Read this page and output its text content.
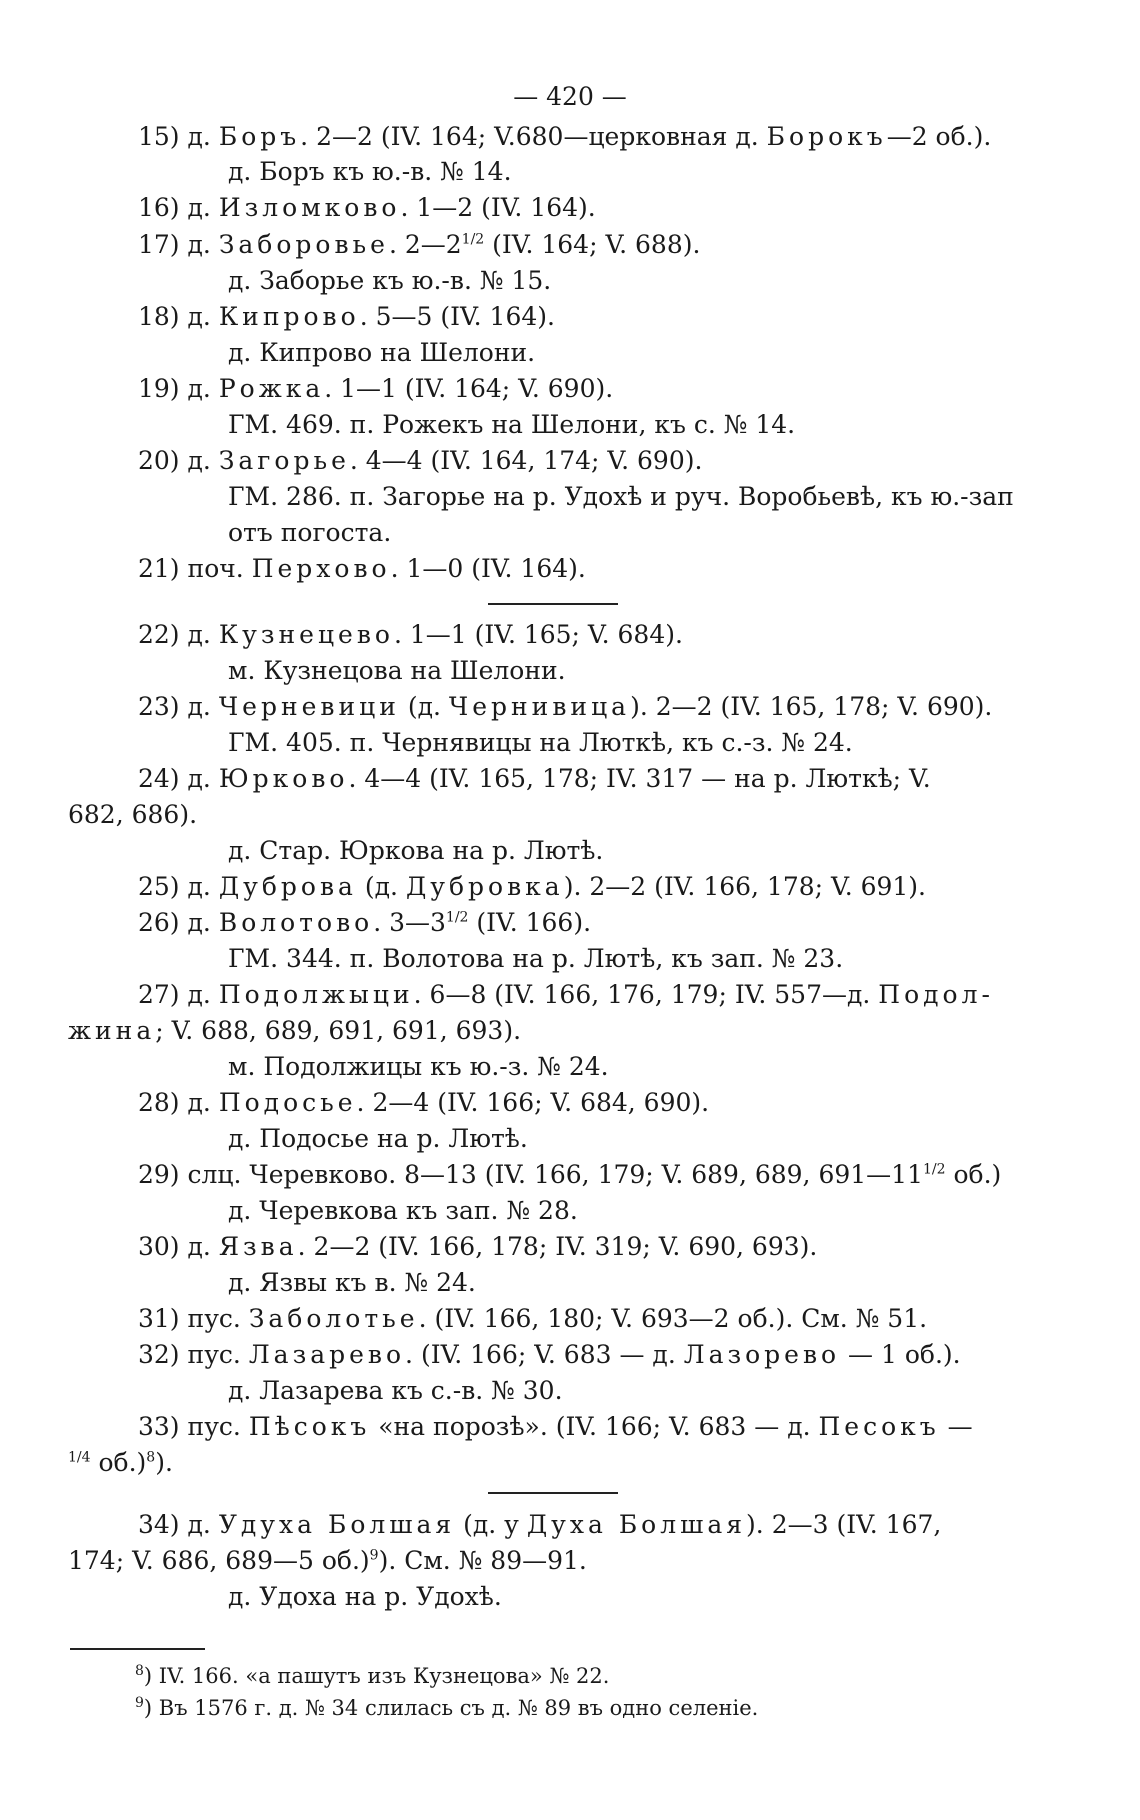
— 420 —
15) д. Боръ. 2—2 (IV. 164; V.680—церковная д. Борокъ—2 об.).
д. Боръ къ ю.-в. № 14.
16) д. Изломково. 1—2 (IV. 164).
17) д. Заборовье. $2—2^{1/2}$ (IV. 164; V. 688).
д. Заборье къ ю.-в. № 15.
18) д. Кипрово. 5—5 (IV. 164).
д. Кипрово на Шелони.
19) д. Рожка. 1—1 (IV. 164; V. 690).
ГМ. 469. п. Рожекъ на Шелони, къ с. № 14.
20) д. Загорье. 4—4 (IV. 164, 174; V. 690).
ГМ. 286. п. Загорье на р. Удохѣ и руч. Воробьевѣ, къ ю.-зап
отъ погоста.
21) поч. Перхово. 1—0 (IV. 164).
22) д. Кузнецево. 1—1 (IV. 165; V. 684).
м. Кузнецова на Шелони.
23) д. Черневици (д. Чернивица). 2—2 (IV. 165, 178; V. 690).
ГМ. 405. п. Чернявицы на Люткѣ, къ с.-з. № 24.
24) д. Юрково. 4—4 (IV. 165, 178; IV. 317 — на р. Люткѣ; V.
682, 686).
д. Стар. Юркова на р. Лютѣ.
25) д. Дуброва (д. Дубровка). 2—2 (IV. 166, 178; V. 691).
26) д. Волотово. $3—3^{1/2}$ (IV. 166).
ГМ. 344. п. Волотова на р. Лютѣ, къ зап. № 23.
27) д. Подолжыци. 6—8 (IV. 166, 176, 179; IV. 557—д. Подол-
жина; V. 688, 689, 691, 691, 693).
м. Подолжицы къ ю.-з. № 24.
28) д. Подосье. 2—4 (IV. 166; V. 684, 690).
д. Подосье на р. Лютѣ.
29) слц. Черевково. 8—13 (IV. 166, 179; V. 689, 689, $691—11^{1/2}$ об.)
д. Черевкова къ зап. № 28.
30) д. Язва. 2—2 (IV. 166, 178; IV. 319; V. 690, 693).
д. Язвы къ в. № 24.
31) пус. Заболотье. (IV. 166, 180; V. 693—2 об.). См. № 51.
32) пус. Лазарево. (IV. 166; V. 683 — д. Лазорево — 1 об.).
д. Лазарева къ с.-в. № 30.
33) пус. Пѣсокъ «на порозѣ». (IV. 166; V. 683 — д. Песокъ —
$^{1/4}$ об.)$^8$).
34) д. Удуха Болшая (д. у Духа Болшая). 2—3 (IV. 167,
174; V. 686, 689—5 об.)$^9$). См. № 89—91.
д. Удоха на р. Удохѣ.
$^8$) IV. 166. «а пашутъ изъ Кузнецова» № 22.
$^9$) Въ 1576 г. д. № 34 слилась съ д. № 89 въ одно селеніе.
